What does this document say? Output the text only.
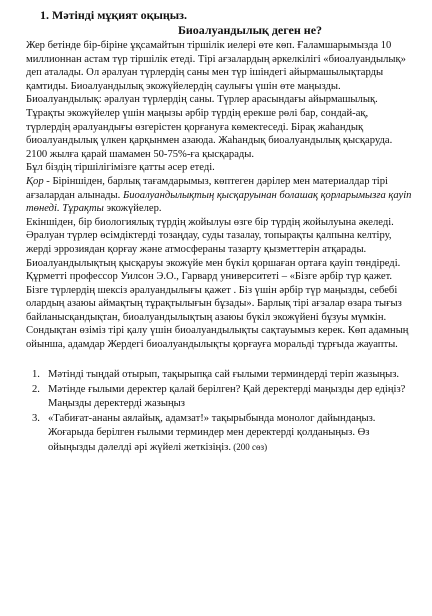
1. Мәтінді мұқият оқыңыз.
Биоалуандылық деген не?

Жер бетінде бір-біріне ұқсамайтын тіршілік иелері өте көп. Ғаламшарымызда 10 миллионнан астам түр тіршілік етеді. Тірі ағзалардың әркелкілігі «биоалуандылық» деп аталады. Ол әралуан түрлердің саны мен түр ішіндегі айырмашылықтарды қамтиды. Биоалуандылық экожүйелердің саулығы үшін өте маңызды. Биоалуандылық: әралуан түрлердің саны. Түрлер арасындағы айырмашылық. Тұрақты экожүйелер үшін маңызы әрбір түрдің ерекше рөлі бар, сондай-ақ, түрлердің әралуандығы өзгерістен қорғануға көмектеседі. Бірақ жаһандық биоалуандылық үлкен қарқынмен азаюда. Жаһандық биоалуандылық қысқаруда. 2100 жылға қарай шамамен 50-75%-ға қысқарады.

Бұл біздің тіршілігімізге қатты әсер етеді.

Қор - Біріншіден, барлық тағамдарымыз, көптеген дәрілер мен материалдар тірі ағзалардан алынады. Биоалуандылықтың қысқаруынан болашақ қорларымызға қауіп төнеді. Тұрақты экожүйелер.

Екіншіден, бір биологиялық түрдің жойылуы өзге бір түрдің жойылуына әкеледі. Әралуан түрлер өсімдіктерді тозаңдау, суды тазалау, топырақты қалпына келтіру, жерді эррозиядан қорғау және атмосфераны тазарту қызметтерін атқарады. Биоалуандылықтың қысқаруы экожүйе мен бүкіл қоршаған ортаға қауіп төндіреді.

Құрметті профессор Уилсон Э.О., Гарвард университеті – «Бізге әрбір түр қажет. Бізге түрлердің шексіз әралуандылығы қажет . Біз үшін әрбір түр маңызды, себебі олардың азаюы аймақтың тұрақтылығын бұзады». Барлық тірі ағзалар өзара тығыз байланысқандықтан, биоалуандылықтың азаюы бүкіл экожүйені бұзуы мүмкін. Сондықтан өзіміз тірі қалу үшін биоалуандылықты сақтауымыз керек. Көп адамның ойынша, адамдар Жердегі биоалуандылықты қорғауға моральді тұрғыда жауапты.

1. Мәтінді тыңдай отырып, тақырыпқа сай ғылыми терминдерді теріп жазыңыз.
2. Мәтінде ғылыми деректер қалай берілген? Қай деректерді маңызды дер едіңіз? Маңызды деректерді жазыңыз
3. «Табиғат-ананы аялайық, адамзат!» тақырыбында монолог дайындаңыз. Жоғарыда берілген ғылыми терминдер мен деректерді қолданыңыз. Өз ойыңызды дәлелді әрі жүйелі жеткізіңіз. (200 сөз)
